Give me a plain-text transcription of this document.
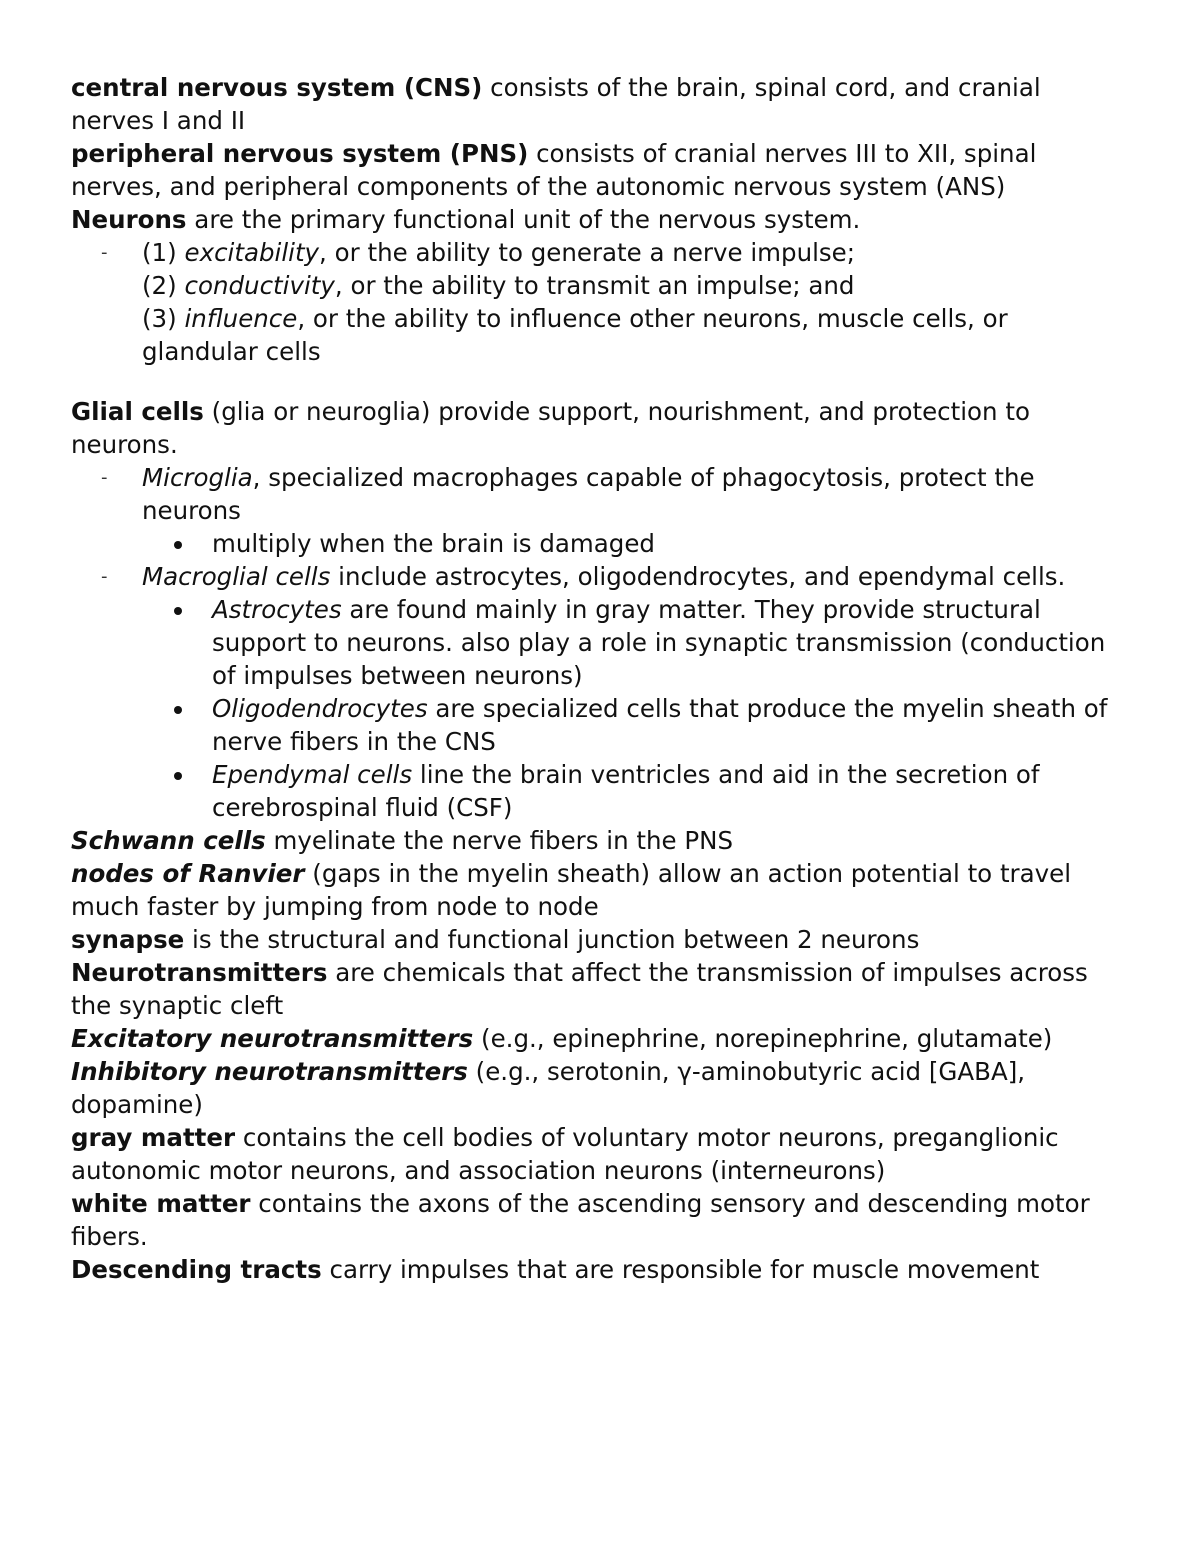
central nervous system (CNS) consists of the brain, spinal cord, and cranial nerves I and II

peripheral nervous system (PNS) consists of cranial nerves III to XII, spinal nerves, and peripheral components of the autonomic nervous system (ANS)

Neurons are the primary functional unit of the nervous system.

- (1) excitability, or the ability to generate a nerve impulse;

(2) conductivity, or the ability to transmit an impulse; and

(3) influence, or the ability to influence other neurons, muscle cells, or glandular cells

Glial cells (glia or neuroglia) provide support, nourishment, and protection to neurons.

- Microglia, specialized macrophages capable of phagocytosis, protect the neurons

multiply when the brain is damaged

- Macroglial cells include astrocytes, oligodendrocytes, and ependymal cells.

Astrocytes are found mainly in gray matter. They provide structural support to neurons. also play a role in synaptic transmission (conduction of impulses between neurons)

Oligodendrocytes are specialized cells that produce the myelin sheath of nerve fibers in the CNS

Ependymal cells line the brain ventricles and aid in the secretion of cerebrospinal fluid (CSF)

Schwann cells myelinate the nerve fibers in the PNS

nodes of Ranvier (gaps in the myelin sheath) allow an action potential to travel much faster by jumping from node to node

synapse is the structural and functional junction between 2 neurons

Neurotransmitters are chemicals that affect the transmission of impulses across the synaptic cleft

Excitatory neurotransmitters (e.g., epinephrine, norepinephrine, glutamate)

Inhibitory neurotransmitters (e.g., serotonin, γ-aminobutyric acid [GABA], dopamine)

gray matter contains the cell bodies of voluntary motor neurons, preganglionic autonomic motor neurons, and association neurons (interneurons)

white matter contains the axons of the ascending sensory and descending motor fibers.

Descending tracts carry impulses that are responsible for muscle movement
